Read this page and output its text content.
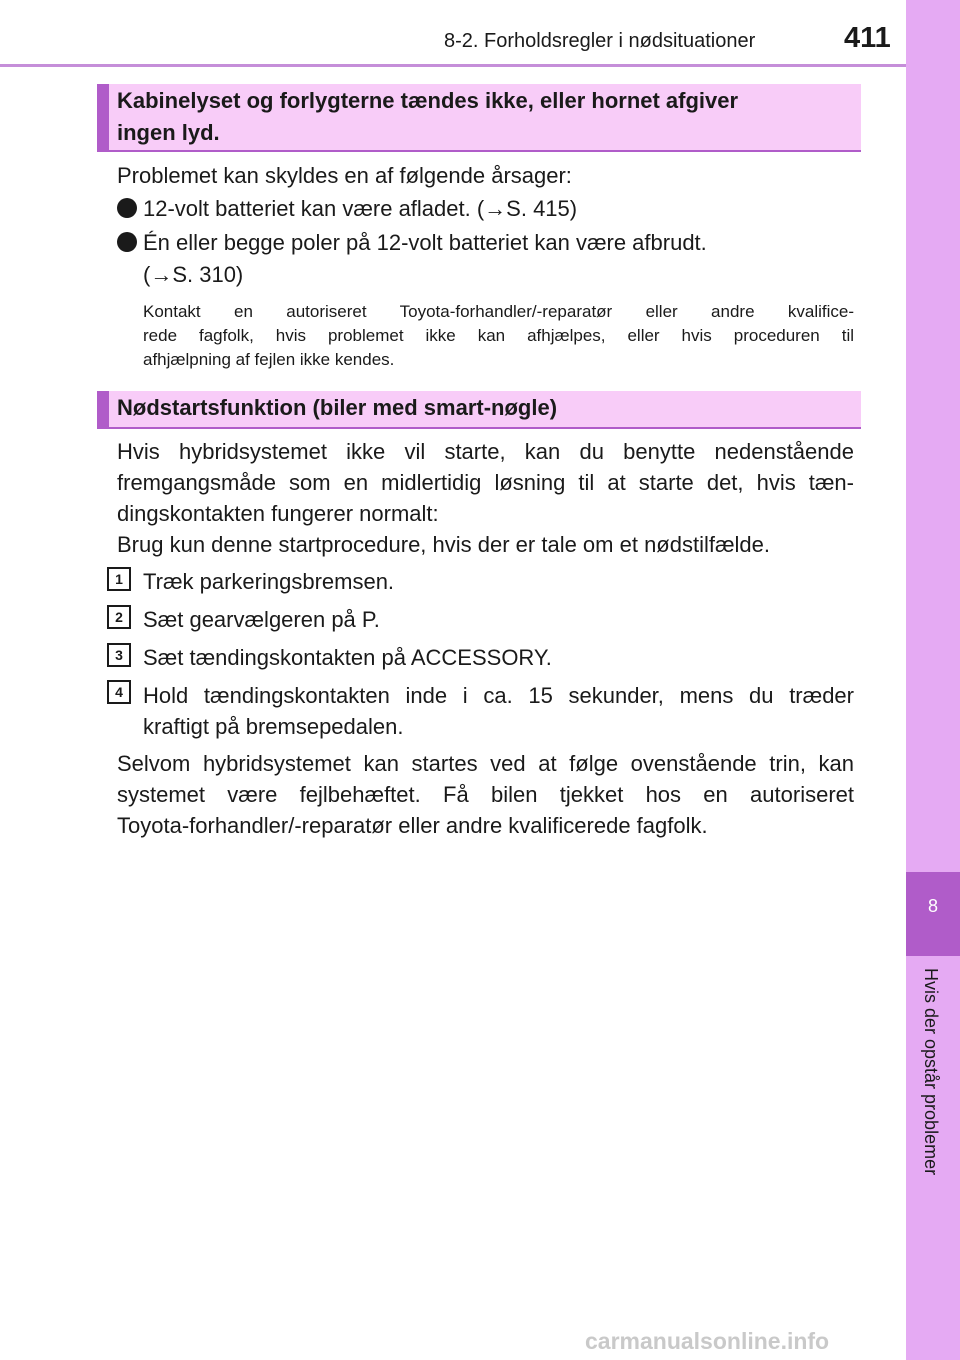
8-2. Forholdsregler i nødsituationer	411
8
Hvis der opstår problemer
Kabinelyset og forlygterne tændes ikke, eller hornet afgiver
ingen lyd.
Problemet kan skyldes en af følgende årsager:
12-volt batteriet kan være afladet. (→S. 415)
Én eller begge poler på 12-volt batteriet kan være afbrudt.
(→S. 310)
Kontakt en autoriseret Toyota-forhandler/-reparatør eller andre kvalifice-
rede fagfolk, hvis problemet ikke kan afhjælpes, eller hvis proceduren til
afhjælpning af fejlen ikke kendes.
Nødstartsfunktion (biler med smart-nøgle)
Hvis hybridsystemet ikke vil starte, kan du benytte nedenstående
fremgangsmåde som en midlertidig løsning til at starte det, hvis tæn-
dingskontakten fungerer normalt:
Brug kun denne startprocedure, hvis der er tale om et nødstilfælde.
1 Træk parkeringsbremsen.
2 Sæt gearvælgeren på P.
3 Sæt tændingskontakten på ACCESSORY.
4 Hold tændingskontakten inde i ca. 15 sekunder, mens du træder
kraftigt på bremsepedalen.
Selvom hybridsystemet kan startes ved at følge ovenstående trin, kan
systemet være fejlbehæftet. Få bilen tjekket hos en autoriseret
Toyota-forhandler/-reparatør eller andre kvalificerede fagfolk.
carmanualsonline.info
